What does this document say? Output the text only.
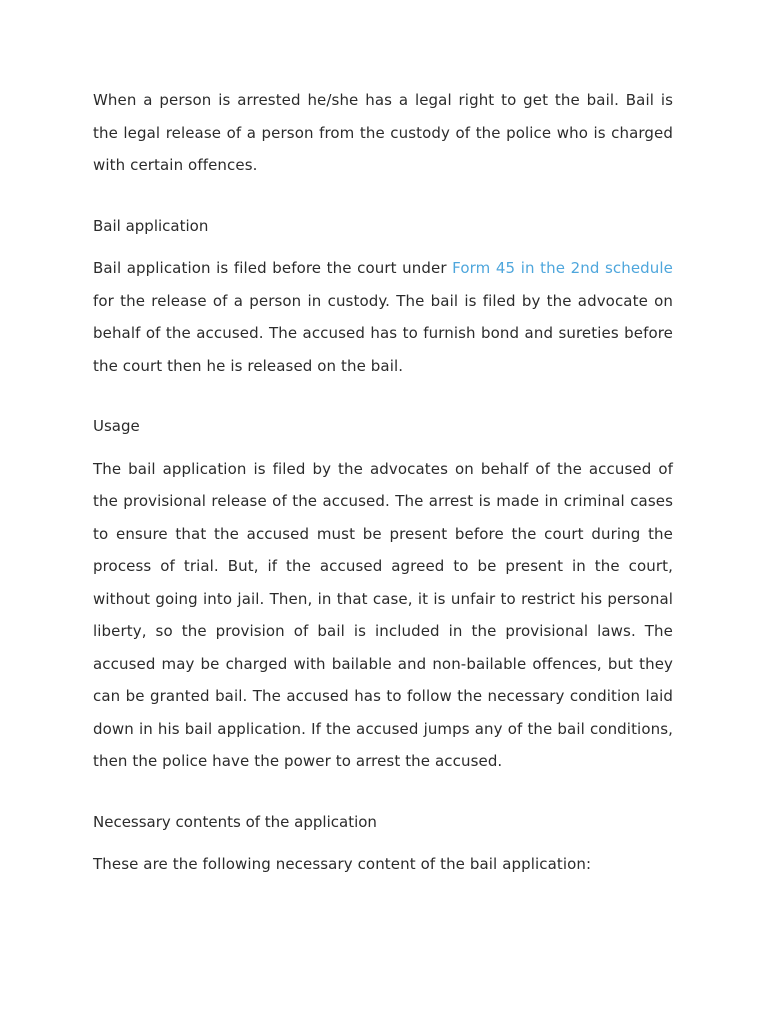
When a person is arrested he/she has a legal right to get the bail. Bail is the legal release of a person from the custody of the police who is charged with certain offences.

Bail application

Bail application is filed before the court under Form 45 in the 2nd schedule for the release of a person in custody. The bail is filed by the advocate on behalf of the accused. The accused has to furnish bond and sureties before the court then he is released on the bail.

Usage

The bail application is filed by the advocates on behalf of the accused of the provisional release of the accused. The arrest is made in criminal cases to ensure that the accused must be present before the court during the process of trial. But, if the accused agreed to be present in the court, without going into jail. Then, in that case, it is unfair to restrict his personal liberty, so the provision of bail is included in the provisional laws. The accused may be charged with bailable and non-bailable offences, but they can be granted bail. The accused has to follow the necessary condition laid down in his bail application. If the accused jumps any of the bail conditions, then the police have the power to arrest the accused.

Necessary contents of the application

These are the following necessary content of the bail application:
